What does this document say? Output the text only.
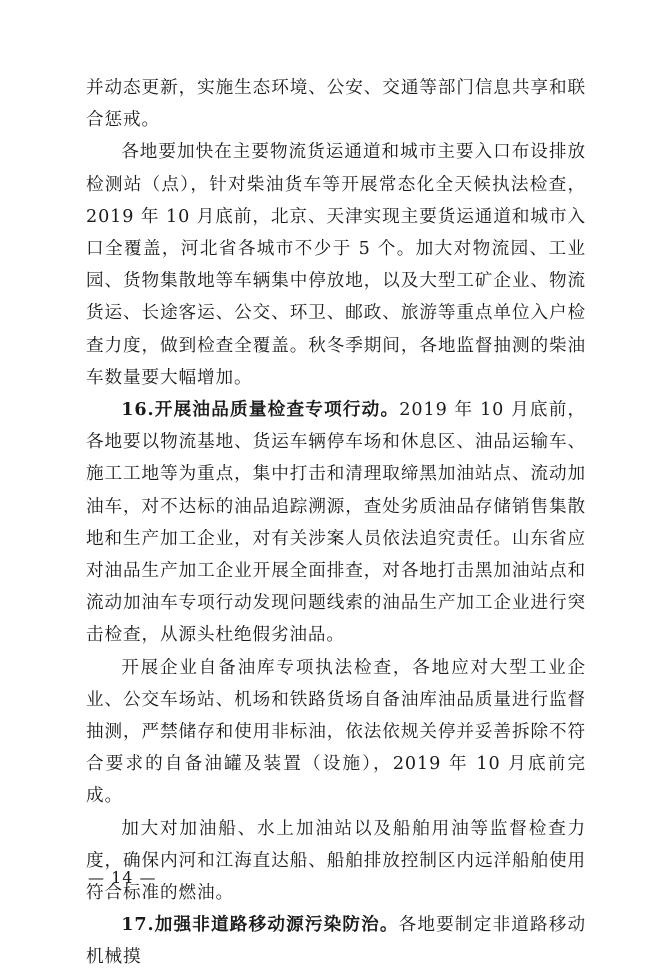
并动态更新，实施生态环境、公安、交通等部门信息共享和联合惩戒。

各地要加快在主要物流货运通道和城市主要入口布设排放检测站（点），针对柴油货车等开展常态化全天候执法检查，2019 年 10 月底前，北京、天津实现主要货运通道和城市入口全覆盖，河北省各城市不少于 5 个。加大对物流园、工业园、货物集散地等车辆集中停放地，以及大型工矿企业、物流货运、长途客运、公交、环卫、邮政、旅游等重点单位入户检查力度，做到检查全覆盖。秋冬季期间，各地监督抽测的柴油车数量要大幅增加。

16.开展油品质量检查专项行动。2019 年 10 月底前，各地要以物流基地、货运车辆停车场和休息区、油品运输车、施工工地等为重点，集中打击和清理取缔黑加油站点、流动加油车，对不达标的油品追踪溯源，查处劣质油品存储销售集散地和生产加工企业，对有关涉案人员依法追究责任。山东省应对油品生产加工企业开展全面排查，对各地打击黑加油站点和流动加油车专项行动发现问题线索的油品生产加工企业进行突击检查，从源头杜绝假劣油品。

开展企业自备油库专项执法检查，各地应对大型工业企业、公交车场站、机场和铁路货场自备油库油品质量进行监督抽测，严禁储存和使用非标油，依法依规关停并妥善拆除不符合要求的自备油罐及装置（设施），2019 年 10 月底前完成。

加大对加油船、水上加油站以及船舶用油等监督检查力度，确保内河和江海直达船、船舶排放控制区内远洋船舶使用符合标准的燃油。

17.加强非道路移动源污染防治。各地要制定非道路移动机械摸

— 14 —
